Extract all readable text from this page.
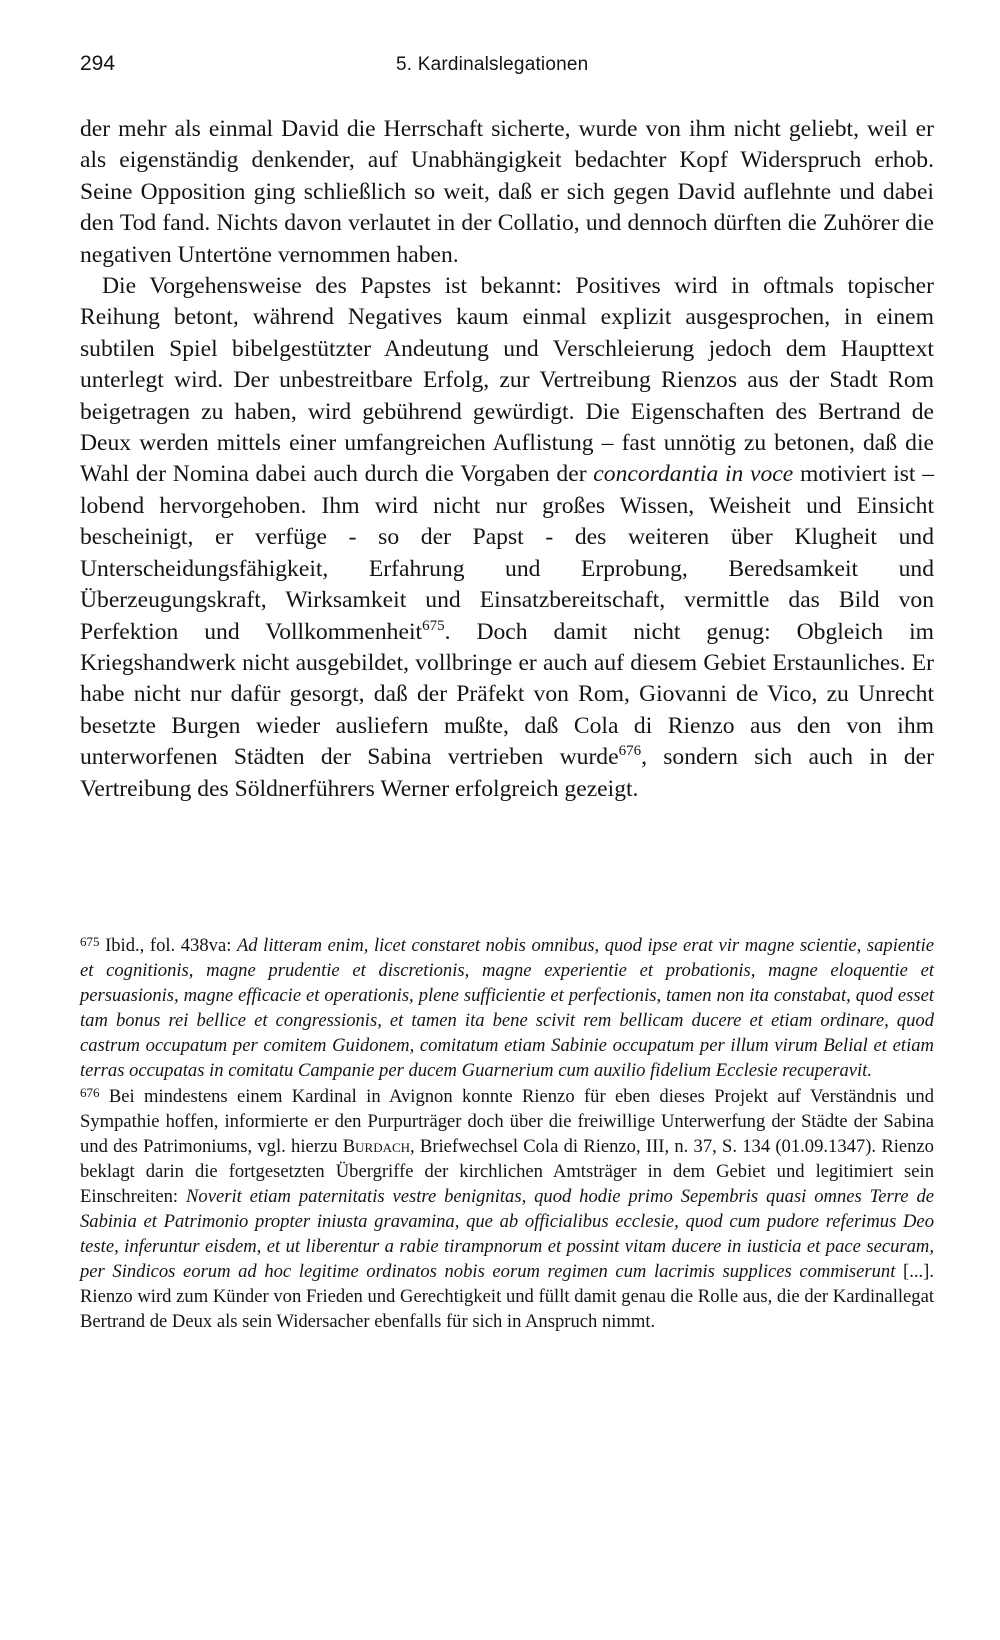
294	5. Kardinalslegationen

der mehr als einmal David die Herrschaft sicherte, wurde von ihm nicht geliebt, weil er als eigenständig denkender, auf Unabhängigkeit bedachter Kopf Widerspruch erhob. Seine Opposition ging schließlich so weit, daß er sich gegen David auflehnte und dabei den Tod fand. Nichts davon verlautet in der Collatio, und dennoch dürften die Zuhörer die negativen Untertöne vernommen haben.

Die Vorgehensweise des Papstes ist bekannt: Positives wird in oftmals topischer Reihung betont, während Negatives kaum einmal explizit ausgesprochen, in einem subtilen Spiel bibelgestützter Andeutung und Verschleierung jedoch dem Haupttext unterlegt wird. Der unbestreitbare Erfolg, zur Vertreibung Rienzos aus der Stadt Rom beigetragen zu haben, wird gebührend gewürdigt. Die Eigenschaften des Bertrand de Deux werden mittels einer umfangreichen Auflistung – fast unnötig zu betonen, daß die Wahl der Nomina dabei auch durch die Vorgaben der concordantia in voce motiviert ist – lobend hervorgehoben. Ihm wird nicht nur großes Wissen, Weisheit und Einsicht bescheinigt, er verfüge - so der Papst - des weiteren über Klugheit und Unterscheidungsfähigkeit, Erfahrung und Erprobung, Beredsamkeit und Überzeugungskraft, Wirksamkeit und Einsatzbereitschaft, vermittle das Bild von Perfektion und Vollkommenheit$^{675}$. Doch damit nicht genug: Obgleich im Kriegshandwerk nicht ausgebildet, vollbringe er auch auf diesem Gebiet Erstaunliches. Er habe nicht nur dafür gesorgt, daß der Präfekt von Rom, Giovanni de Vico, zu Unrecht besetzte Burgen wieder ausliefern mußte, daß Cola di Rienzo aus den von ihm unterworfenen Städten der Sabina vertrieben wurde$^{676}$, sondern sich auch in der Vertreibung des Söldnerführers Werner erfolgreich gezeigt.

$^{675}$ Ibid., fol. 438va: Ad litteram enim, licet constaret nobis omnibus, quod ipse erat vir magne scientie, sapientie et cognitionis, magne prudentie et discretionis, magne experientie et probationis, magne eloquentie et persuasionis, magne efficacie et operationis, plene sufficientie et perfectionis, tamen non ita constabat, quod esset tam bonus rei bellice et congressionis, et tamen ita bene scivit rem bellicam ducere et etiam ordinare, quod castrum occupatum per comitem Guidonem, comitatum etiam Sabinie occupatum per illum virum Belial et etiam terras occupatas in comitatu Campanie per ducem Guarnerium cum auxilio fidelium Ecclesie recuperavit.

$^{676}$ Bei mindestens einem Kardinal in Avignon konnte Rienzo für eben dieses Projekt auf Verständnis und Sympathie hoffen, informierte er den Purpurträger doch über die freiwillige Unterwerfung der Städte der Sabina und des Patrimoniums, vgl. hierzu Burdach, Briefwechsel Cola di Rienzo, III, n. 37, S. 134 (01.09.1347). Rienzo beklagt darin die fortgesetzten Übergriffe der kirchlichen Amtsträger in dem Gebiet und legitimiert sein Einschreiten: Noverit etiam paternitatis vestre benignitas, quod hodie primo Sepembris quasi omnes Terre de Sabinia et Patrimonio propter iniusta gravamina, que ab officialibus ecclesie, quod cum pudore referimus Deo teste, inferuntur eisdem, et ut liberentur a rabie tirampnorum et possint vitam ducere in iusticia et pace securam, per Sindicos eorum ad hoc legitime ordinatos nobis eorum regimen cum lacrimis supplices commiserunt [...]. Rienzo wird zum Künder von Frieden und Gerechtigkeit und füllt damit genau die Rolle aus, die der Kardinallegat Bertrand de Deux als sein Widersacher ebenfalls für sich in Anspruch nimmt.
